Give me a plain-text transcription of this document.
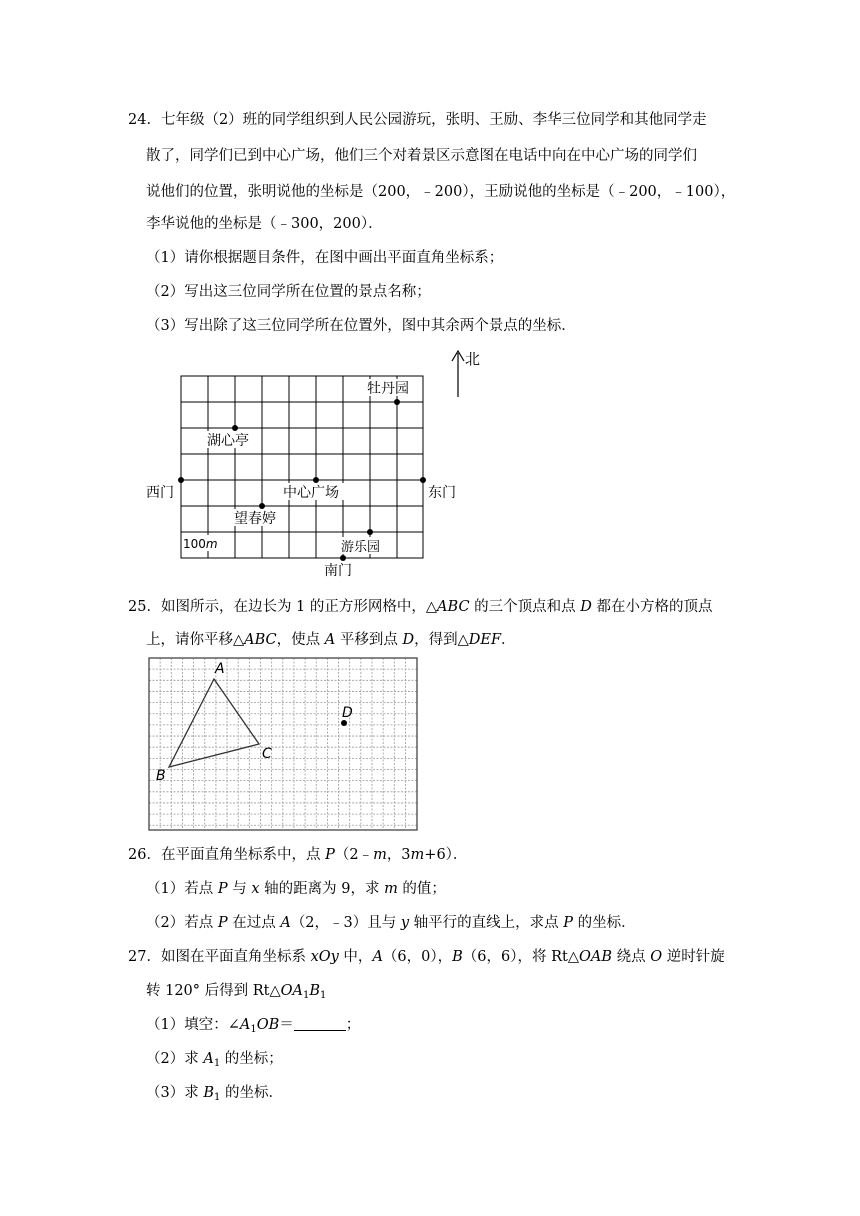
24．七年级（2）班的同学组织到人民公园游玩，张明、王励、李华三位同学和其他同学走
散了，同学们已到中心广场，他们三个对着景区示意图在电话中向在中心广场的同学们
说他们的位置，张明说他的坐标是（200，﹣200），王励说他的坐标是（﹣200，﹣100），
李华说他的坐标是（﹣300，200）．
（1）请你根据题目条件，在图中画出平面直角坐标系；
（2）写出这三位同学所在位置的景点名称；
（3）写出除了这三位同学所在位置外，图中其余两个景点的坐标．
北
牡丹园
湖心亭
西门	中心广场	东门
望春婷
100m	游乐园
南门
25．如图所示，在边长为 1 的正方形网格中，△ABC 的三个顶点和点 D 都在小方格的顶点
上，请你平移△ABC，使点 A 平移到点 D，得到△DEF．
A
B
C
D
26．在平面直角坐标系中，点 P（2﹣m，3m+6）．
（1）若点 P 与 x 轴的距离为 9，求 m 的值；
（2）若点 P 在过点 A（2，﹣3）且与 y 轴平行的直线上，求点 P 的坐标．
27．如图在平面直角坐标系 xOy 中，A（6，0），B（6，6），将 Rt△OAB 绕点 O 逆时针旋
转 120° 后得到 $Rt\triangle OA_1B_1$
（1）填空：$\angle A_1OB=$	；
（2）求 $A_1$ 的坐标；
（3）求 $B_1$ 的坐标．
